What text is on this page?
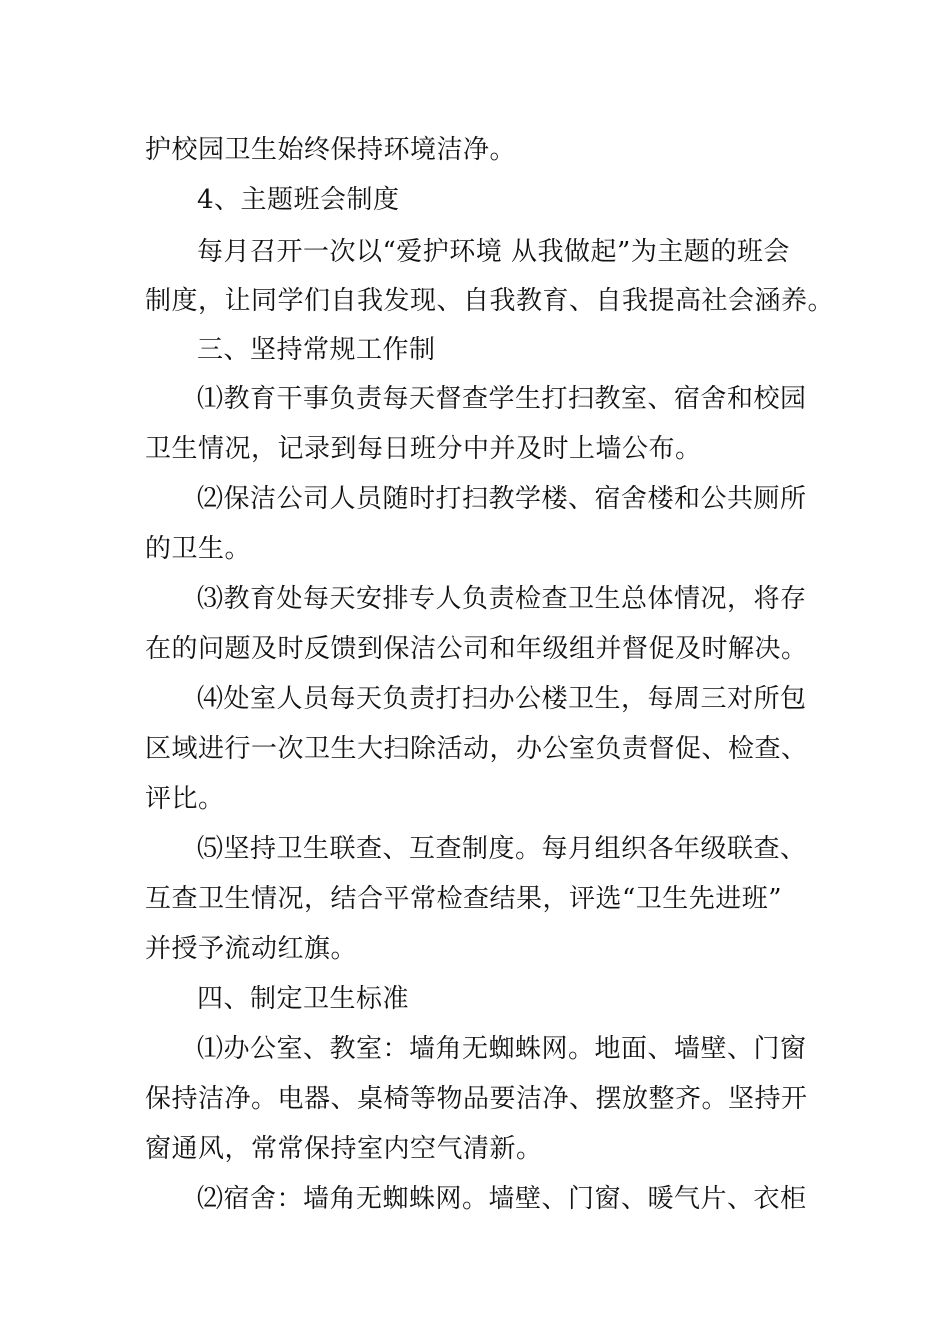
护校园卫生始终保持环境洁净。
4、主题班会制度
每月召开一次以“爱护环境 从我做起”为主题的班会
制度，让同学们自我发现、自我教育、自我提高社会涵养。
三、坚持常规工作制
⑴教育干事负责每天督查学生打扫教室、宿舍和校园
卫生情况，记录到每日班分中并及时上墙公布。
⑵保洁公司人员随时打扫教学楼、宿舍楼和公共厕所
的卫生。
⑶教育处每天安排专人负责检查卫生总体情况，将存
在的问题及时反馈到保洁公司和年级组并督促及时解决。
⑷处室人员每天负责打扫办公楼卫生，每周三对所包
区域进行一次卫生大扫除活动，办公室负责督促、检查、
评比。
⑸坚持卫生联查、互查制度。每月组织各年级联查、
互查卫生情况，结合平常检查结果，评选“卫生先进班”
并授予流动红旗。
四、制定卫生标准
⑴办公室、教室：墙角无蜘蛛网。地面、墙壁、门窗
保持洁净。电器、桌椅等物品要洁净、摆放整齐。坚持开
窗通风，常常保持室内空气清新。
⑵宿舍：墙角无蜘蛛网。墙壁、门窗、暖气片、衣柜
